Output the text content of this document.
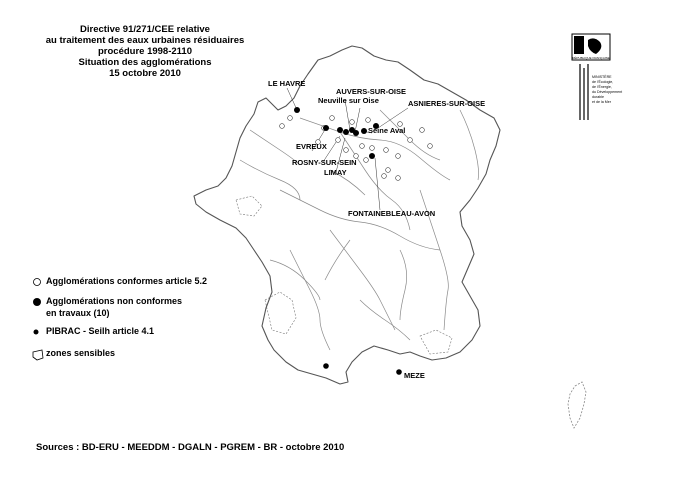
Directive 91/271/CEE relative
au traitement des eaux urbaines résiduaires
procédure 1998-2110
Situation des agglomérations
15 octobre 2010
LE HAVRE
AUVERS-SUR-OISE
Neuville sur Oise	ASNIERES-SUR-OISE
Seine Aval
EVREUX
ROSNY-SUR-SEIN
LIMAY
FONTAINEBLEAU-AVON
MEZE
RÉPUBLIQUE FRANÇAISE
MINISTÈRE
de l'Écologie,
de l'Énergie,
du Développement
durable
et de la Mer
Agglomérations conformes article 5.2
Agglomérations non conformes
en travaux (10)
PIBRAC - Seilh article 4.1
zones sensibles
Sources : BD-ERU - MEEDDM - DGALN - PGREM - BR - octobre 2010
